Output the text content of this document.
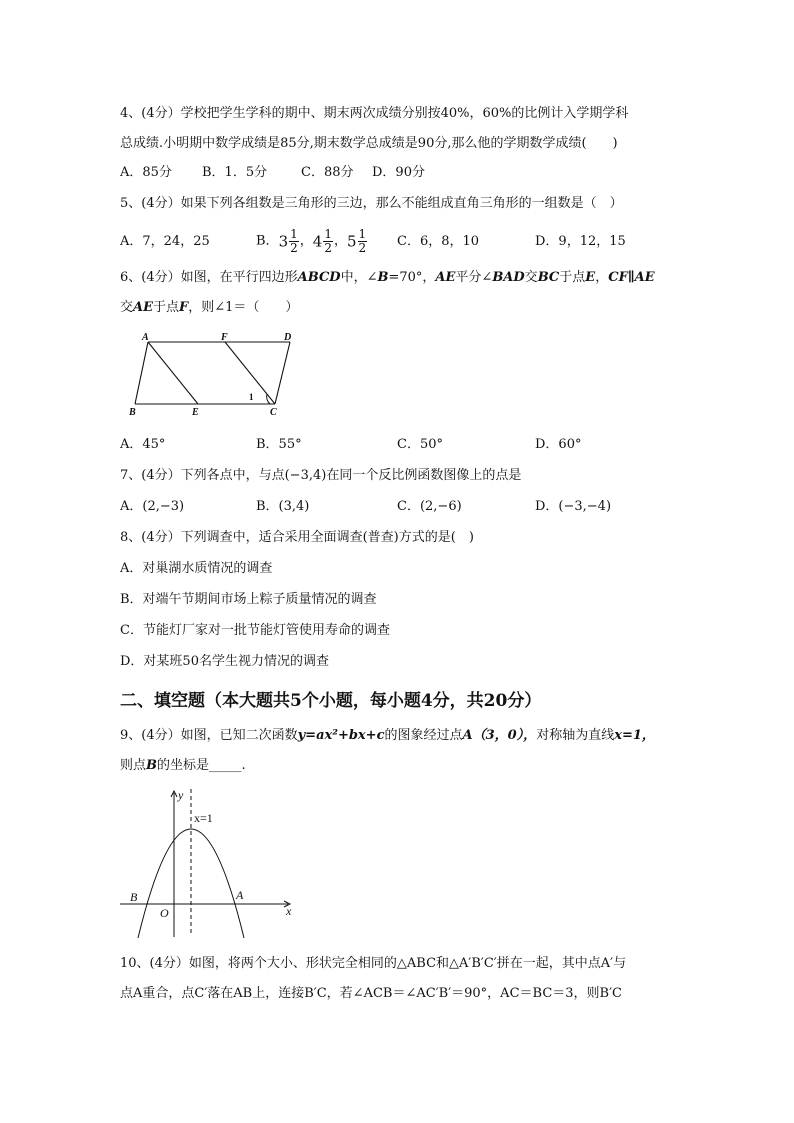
4、(4分）学校把学生学科的期中、期末两次成绩分别按40%，60%的比例计入学期学科
总成绩.小明期中数学成绩是85分,期末数学总成绩是90分,那么他的学期数学成绩(　　)
A．85分 B．1．5分	C．88分 D．90分
5、(4分）如果下列各组数是三角形的三边，那么不能组成直角三角形的一组数是（　）
A．7，24，25	B．$3 \frac{1}{2}$ ，$4 \frac{1}{2}$ ，$5 \frac{1}{2}$ C．6，8，10	D．9，12，15
6、(4分）如图，在平行四边形ABCD中，∠B=70°，AE平分∠BAD交BC于点E，CF∥AE
交AE于点F，则∠1＝（　　）
A	F	D
B	E	C
1
A．45°	B．55°	C．50°	D．60°
7、(4分）下列各点中，与点(−3,4)在同一个反比例函数图像上的点是
A．(2,−3)	B．(3,4)	C．(2,−6)	D．(−3,−4)
8、(4分）下列调查中，适合采用全面调查(普查)方式的是(　)
A．对巢湖水质情况的调查
B．对端午节期间市场上粽子质量情况的调查
C．节能灯厂家对一批节能灯管使用寿命的调查
D．对某班50名学生视力情况的调查
二、填空题（本大题共5个小题，每小题4分，共20分）
9、(4分）如图，已知二次函数y=ax²+bx+c的图象经过点A（3，0），对称轴为直线x=1，
则点B的坐标是_____.
y
x
O
A
B
x=1
10、(4分）如图，将两个大小、形状完全相同的△ABC和△A′B′C′拼在一起，其中点A′与
点A重合，点C′落在AB上，连接B′C，若∠ACB＝∠AC′B′＝90°，AC＝BC＝3，则B′C
